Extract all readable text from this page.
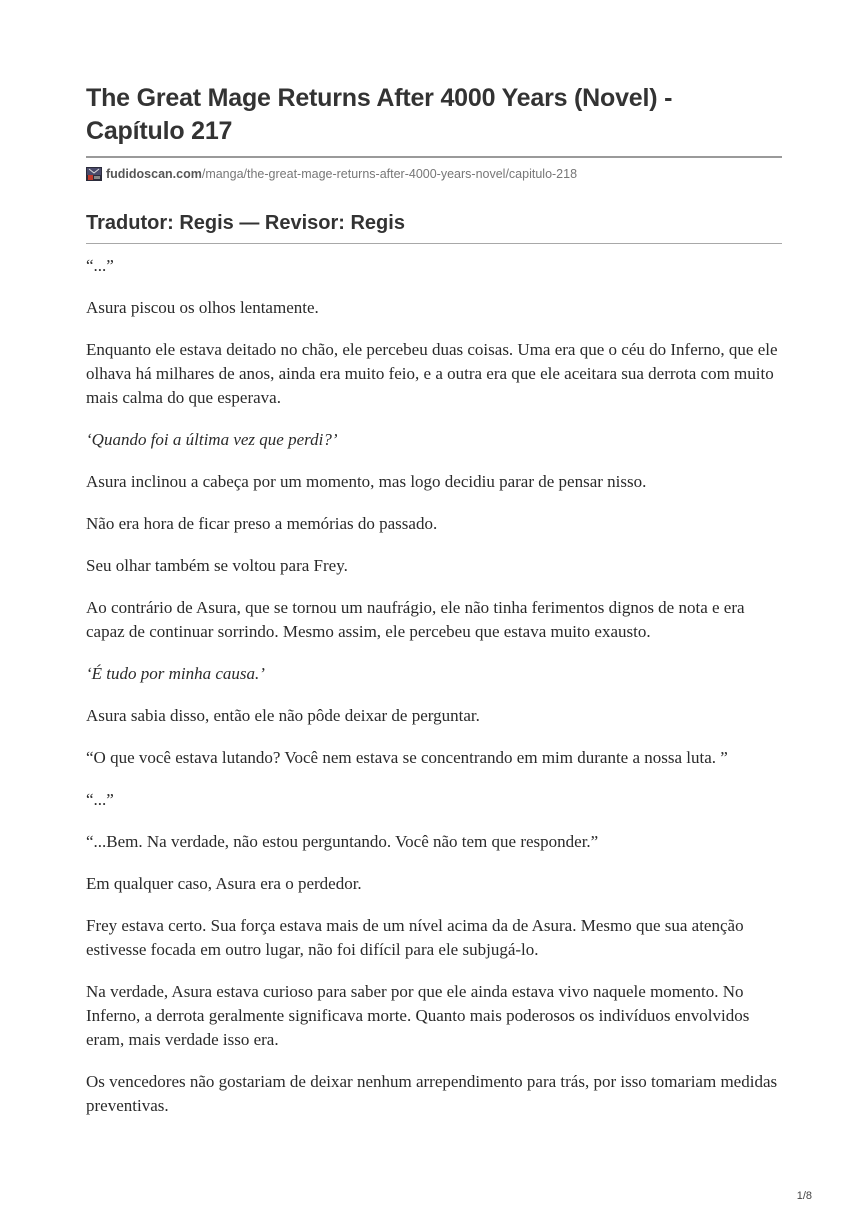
The Great Mage Returns After 4000 Years (Novel) -
Capítulo 217
fudidoscan.com /manga/the-great-mage-returns-after-4000-years-novel/capitulo-218
Tradutor: Regis — Revisor: Regis

“...”

Asura piscou os olhos lentamente.

Enquanto ele estava deitado no chão, ele percebeu duas coisas. Uma era que o céu do Inferno, que ele olhava há milhares de anos, ainda era muito feio, e a outra era que ele aceitara sua derrota com muito mais calma do que esperava.

‘Quando foi a última vez que perdi?’

Asura inclinou a cabeça por um momento, mas logo decidiu parar de pensar nisso.

Não era hora de ficar preso a memórias do passado.

Seu olhar também se voltou para Frey.

Ao contrário de Asura, que se tornou um naufrágio, ele não tinha ferimentos dignos de nota e era capaz de continuar sorrindo. Mesmo assim, ele percebeu que estava muito exausto.

‘É tudo por minha causa.’

Asura sabia disso, então ele não pôde deixar de perguntar.

“O que você estava lutando? Você nem estava se concentrando em mim durante a nossa luta. ”

“...”

“...Bem. Na verdade, não estou perguntando. Você não tem que responder.”

Em qualquer caso, Asura era o perdedor.

Frey estava certo. Sua força estava mais de um nível acima da de Asura. Mesmo que sua atenção estivesse focada em outro lugar, não foi difícil para ele subjugá-lo.

Na verdade, Asura estava curioso para saber por que ele ainda estava vivo naquele momento. No Inferno, a derrota geralmente significava morte. Quanto mais poderosos os indivíduos envolvidos eram, mais verdade isso era.

Os vencedores não gostariam de deixar nenhum arrependimento para trás, por isso tomariam medidas preventivas.

1/8
